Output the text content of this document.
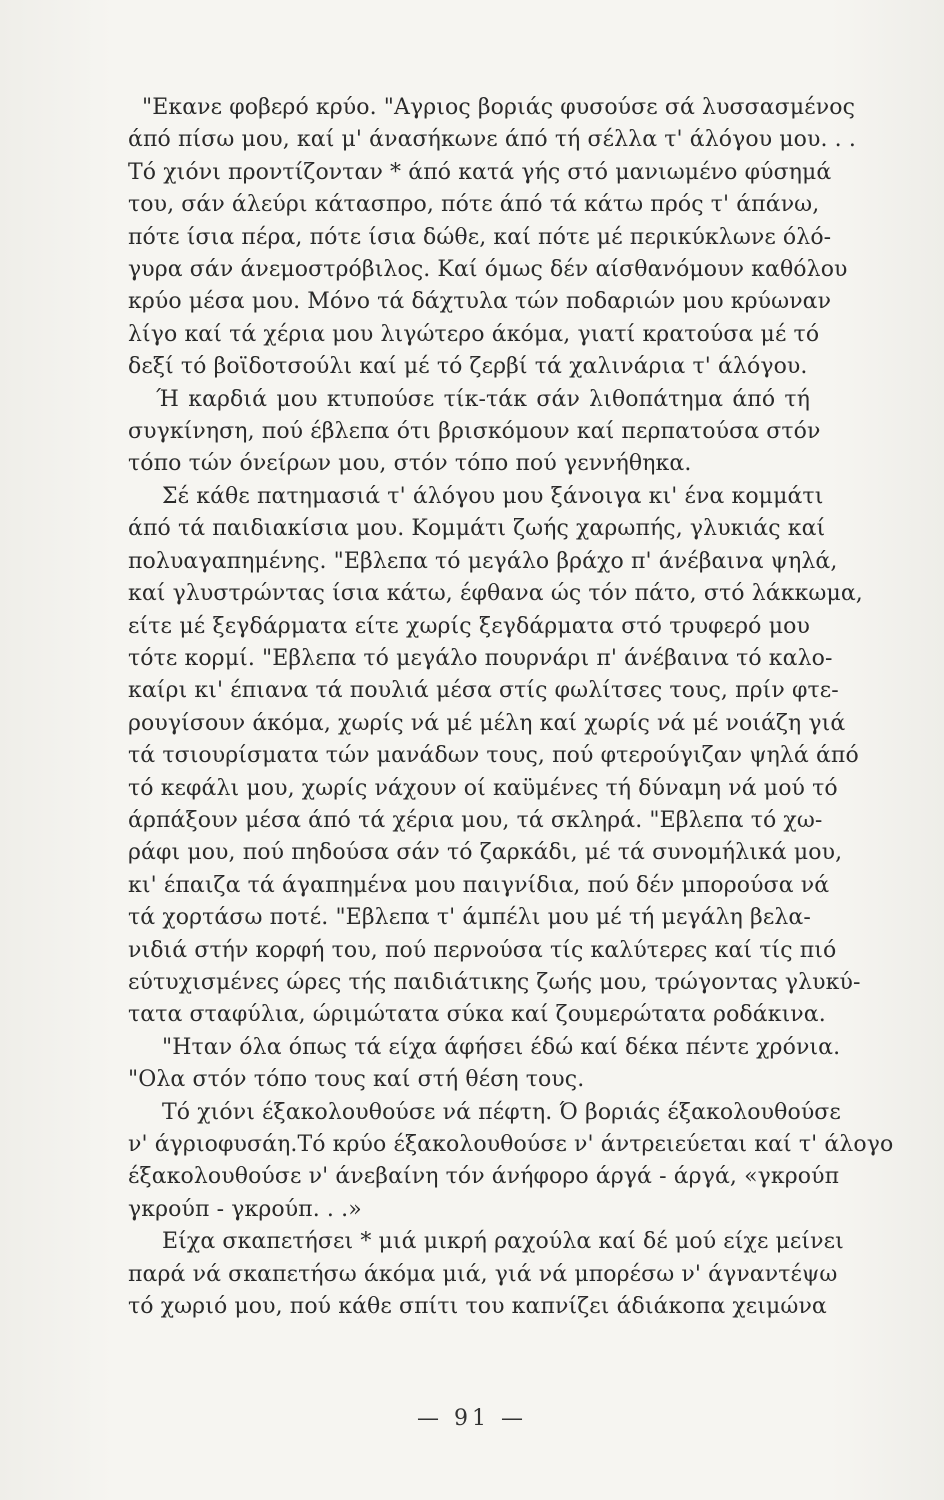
"Εκανε φοβερό κρύο. "Αγριος βοριάς φυσούσε σά λυσσασμένος
άπό πίσω μου, καί μ' άνασήκωνε άπό τή σέλλα τ' άλόγου μου. . .
Τό χιόνι προντίζονταν * άπό κατά γής στό μανιωμένο φύσημά
του, σάν άλεύρι κάτασπρο, πότε άπό τά κάτω πρός τ' άπάνω,
πότε ίσια πέρα, πότε ίσια δώθε, καί πότε μέ περικύκλωνε όλό-
γυρα σάν άνεμοστρόβιλος. Καί όμως δέν αίσθανόμουν καθόλου
κρύο μέσα μου. Μόνο τά δάχτυλα τών ποδαριών μου κρύωναν
λίγο καί τά χέρια μου λιγώτερο άκόμα, γιατί κρατούσα μέ τό
δεξί τό βοϊδοτσούλι καί μέ τό ζερβί τά χαλινάρια τ' άλόγου.

Ή καρδιά μου κτυπούσε τίκ-τάκ σάν λιθοπάτημα άπό τή
συγκίνηση, πού έβλεπα ότι βρισκόμουν καί περπατούσα στόν
τόπο τών όνείρων μου, στόν τόπο πού γεννήθηκα.

Σέ κάθε πατημασιά τ' άλόγου μου ξάνοιγα κι' ένα κομμάτι
άπό τά παιδιακίσια μου. Κομμάτι ζωής χαρωπής, γλυκιάς καί
πολυαγαπημένης. "Εβλεπα τό μεγάλο βράχο π' άνέβαινα ψηλά,
καί γλυστρώντας ίσια κάτω, έφθανα ώς τόν πάτο, στό λάκκωμα,
είτε μέ ξεγδάρματα είτε χωρίς ξεγδάρματα στό τρυφερό μου
τότε κορμί. "Εβλεπα τό μεγάλο πουρνάρι π' άνέβαινα τό καλο-
καίρι κι' έπιανα τά πουλιά μέσα στίς φωλίτσες τους, πρίν φτε-
ρουγίσουν άκόμα, χωρίς νά μέ μέλη καί χωρίς νά μέ νοιάζη γιά
τά τσιουρίσματα τών μανάδων τους, πού φτερούγιζαν ψηλά άπό
τό κεφάλι μου, χωρίς νάχουν οί καϋμένες τή δύναμη νά μού τό
άρπάξουν μέσα άπό τά χέρια μου, τά σκληρά. "Εβλεπα τό χω-
ράφι μου, πού πηδούσα σάν τό ζαρκάδι, μέ τά συνομήλικά μου,
κι' έπαιζα τά άγαπημένα μου παιγνίδια, πού δέν μπορούσα νά
τά χορτάσω ποτέ. "Εβλεπα τ' άμπέλι μου μέ τή μεγάλη βελα-
νιδιά στήν κορφή του, πού περνούσα τίς καλύτερες καί τίς πιό
εύτυχισμένες ώρες τής παιδιάτικης ζωής μου, τρώγοντας γλυκύ-
τατα σταφύλια, ώριμώτατα σύκα καί ζουμερώτατα ροδάκινα.

"Ηταν όλα όπως τά είχα άφήσει έδώ καί δέκα πέντε χρόνια.
"Ολα στόν τόπο τους καί στή θέση τους.

Τό χιόνι έξακολουθούσε νά πέφτη. Ό βοριάς έξακολουθούσε
ν' άγριοφυσάη.Τό κρύο έξακολουθούσε ν' άντρειεύεται καί τ' άλογο
έξακολουθούσε ν' άνεβαίνη τόν άνήφορο άργά - άργά, «γκρούπ
γκρούπ - γκρούπ. . .»

Είχα σκαπετήσει * μιά μικρή ραχούλα καί δέ μού είχε μείνει
παρά νά σκαπετήσω άκόμα μιά, γιά νά μπορέσω ν' άγναντέψω
τό χωριό μου, πού κάθε σπίτι του καπνίζει άδιάκοπα χειμώνα

— 91 —
